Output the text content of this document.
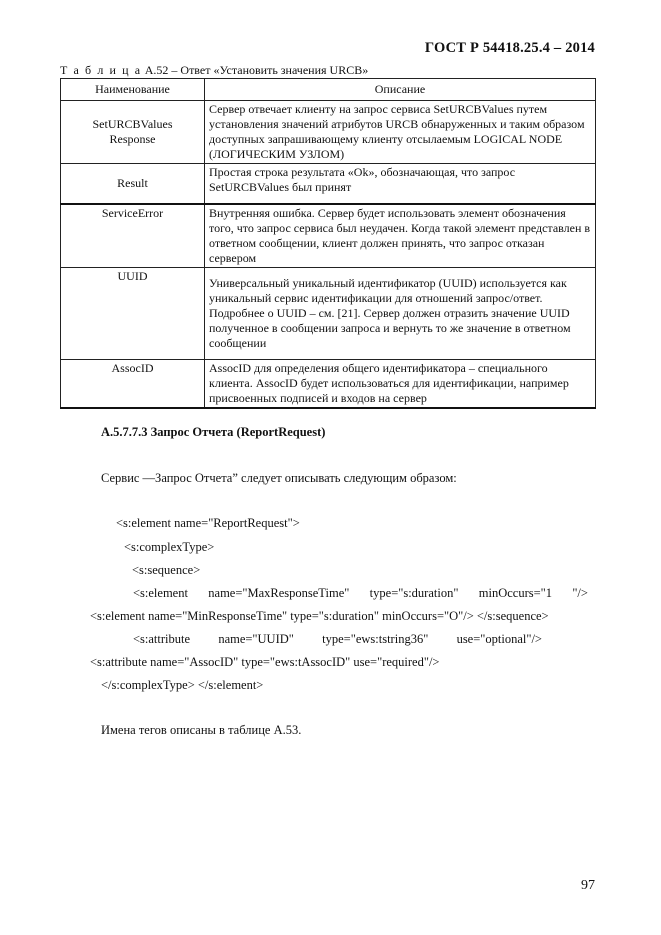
ГОСТ Р 54418.25.4 – 2014
Т а б л и ц а А.52 – Ответ «Установить значения URCB»
Наименование	Описание

SetURCBValues Response	Сервер отвечает клиенту на запрос сервиса SetURCBValues путем установления значений атрибутов URCB обнаруженных и таким образом доступных запрашивающему клиенту отсылаемым LOGICAL NODE (ЛОГИЧЕСКИМ УЗЛОМ)
Result	Простая строка результата «Ok», обозначающая, что запрос SetURCBValues был принят
ServiceError	Внутренняя ошибка. Сервер будет использовать элемент обозначения того, что запрос сервиса был неудачен. Когда такой элемент представлен в ответном сообщении, клиент должен принять, что запрос отказан сервером
UUID	Универсальный уникальный идентификатор (UUID) используется как уникальный сервис идентификации для отношений запрос/ответ. Подробнее о UUID – см. [21]. Сервер должен отразить значение UUID полученное в сообщении запроса и вернуть то же значение в ответном сообщении
AssocID	AssocID для определения общего идентификатора – специального клиента. AssocID будет использоваться для идентификации, например присвоенных подписей и входов на сервер
А.5.7.7.3 Запрос Отчета (ReportRequest)
Сервис ―Запрос Отчета” следует описывать следующим образом:
<s:element name="ReportRequest">
<s:complexType>
<s:sequence>
<s:element name="MaxResponseTime" type="s:duration" minOccurs="1 "/>
<s:element name="MinResponseTime" type="s:duration" minOccurs="O"/> </s:sequence>
<s:attribute name="UUID" type="ews:tstring36" use="optional"/>
<s:attribute name="AssocID" type="ews:tAssocID" use="required"/>
</s:complexType> </s:element>
Имена тегов описаны в таблице А.53.
97
